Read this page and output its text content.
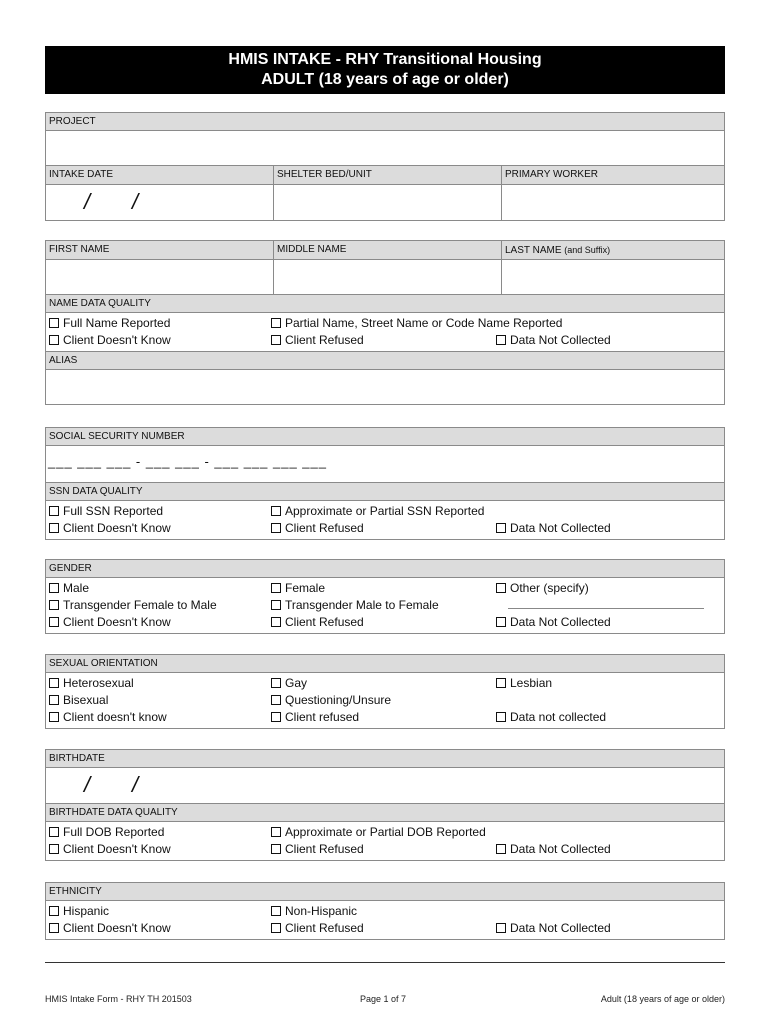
HMIS INTAKE - RHY Transitional Housing
ADULT (18 years of age or older)
PROJECT
INTAKE DATE	SHELTER BED/UNIT	PRIMARY WORKER
/ /
FIRST NAME	MIDDLE NAME	LAST NAME (and Suffix)
NAME DATA QUALITY
Full Name Reported	Partial Name, Street Name or Code Name Reported
Client Doesn't Know	Client Refused	Data Not Collected
ALIAS
SOCIAL SECURITY NUMBER
___ ___ ___ - ___ ___ - ___ ___ ___ ___
SSN DATA QUALITY
Full SSN Reported	Approximate or Partial SSN Reported
Client Doesn't Know	Client Refused	Data Not Collected
GENDER
Male	Female	Other (specify)
Transgender Female to Male	Transgender Male to Female
Client Doesn't Know	Client Refused	Data Not Collected
SEXUAL ORIENTATION
Heterosexual	Gay	Lesbian
Bisexual	Questioning/Unsure
Client doesn't know	Client refused	Data not collected
BIRTHDATE
/ /
BIRTHDATE DATA QUALITY
Full DOB Reported	Approximate or Partial DOB Reported
Client Doesn't Know	Client Refused	Data Not Collected
ETHNICITY
Hispanic	Non-Hispanic
Client Doesn't Know	Client Refused	Data Not Collected
HMIS Intake Form - RHY TH 201503	Page 1 of 7	Adult (18 years of age or older)
